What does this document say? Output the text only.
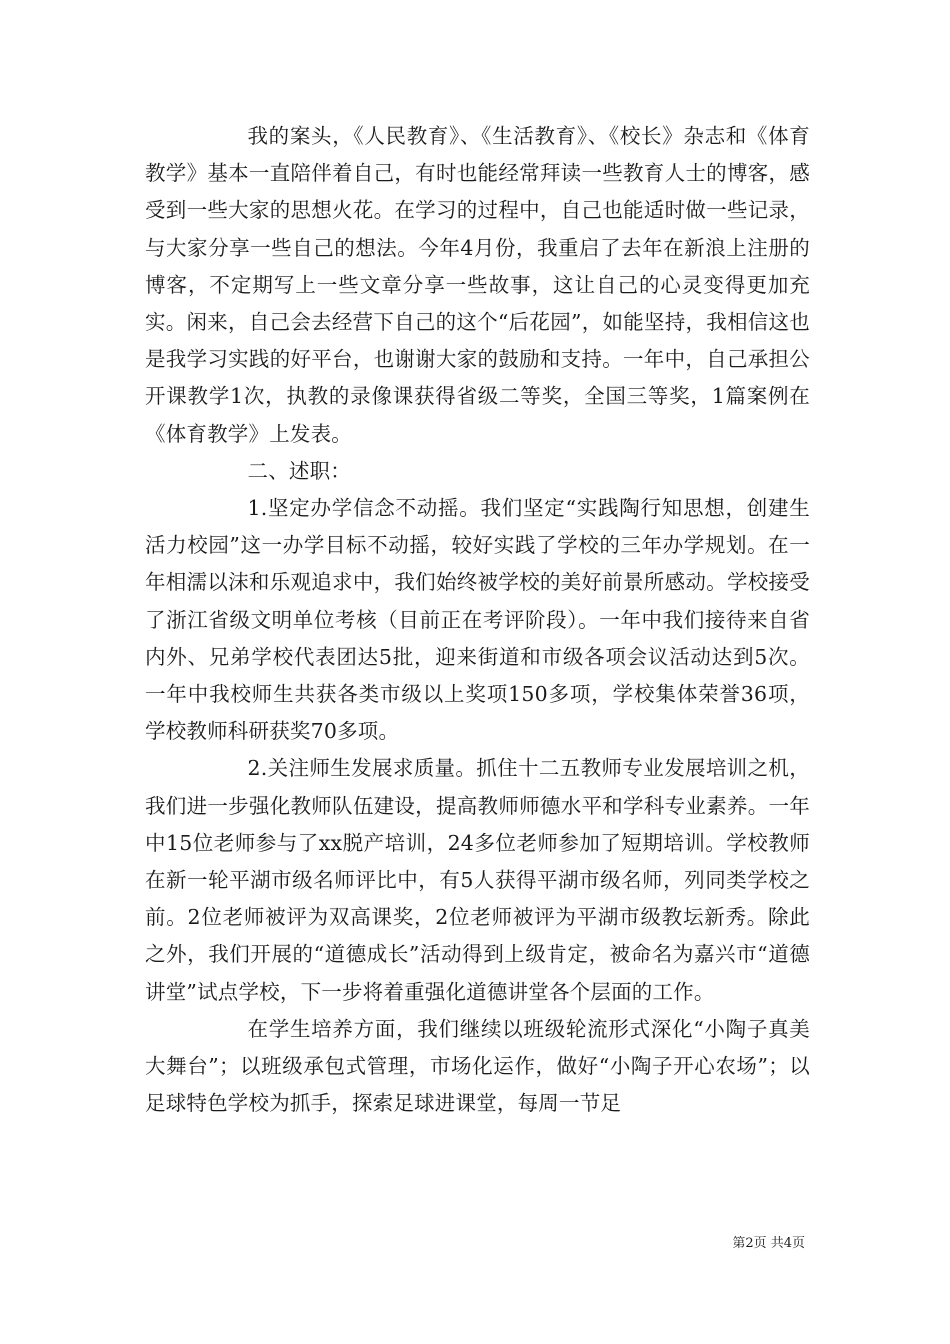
我的案头，《人民教育》、《生活教育》、《校长》杂志和《体育教学》基本一直陪伴着自己，有时也能经常拜读一些教育人士的博客，感受到一些大家的思想火花。在学习的过程中，自己也能适时做一些记录，与大家分享一些自己的想法。今年4月份，我重启了去年在新浪上注册的博客，不定期写上一些文章分享一些故事，这让自己的心灵变得更加充实。闲来，自己会去经营下自己的这个“后花园”，如能坚持，我相信这也是我学习实践的好平台，也谢谢大家的鼓励和支持。一年中，自己承担公开课教学1次，执教的录像课获得省级二等奖，全国三等奖，1篇案例在《体育教学》上发表。

二、述职：

1.坚定办学信念不动摇。我们坚定“实践陶行知思想，创建生活力校园”这一办学目标不动摇，较好实践了学校的三年办学规划。在一年相濡以沫和乐观追求中，我们始终被学校的美好前景所感动。学校接受了浙江省级文明单位考核（目前正在考评阶段）。一年中我们接待来自省内外、兄弟学校代表团达5批，迎来街道和市级各项会议活动达到5次。一年中我校师生共获各类市级以上奖项150多项，学校集体荣誉36项，学校教师科研获奖70多项。

2.关注师生发展求质量。抓住十二五教师专业发展培训之机，我们进一步强化教师队伍建设，提高教师师德水平和学科专业素养。一年中15位老师参与了xx脱产培训，24多位老师参加了短期培训。学校教师在新一轮平湖市级名师评比中，有5人获得平湖市级名师，列同类学校之前。2位老师被评为双高课奖，2位老师被评为平湖市级教坛新秀。除此之外，我们开展的“道德成长”活动得到上级肯定，被命名为嘉兴市“道德讲堂”试点学校，下一步将着重强化道德讲堂各个层面的工作。

在学生培养方面，我们继续以班级轮流形式深化“小陶子真美大舞台”；以班级承包式管理，市场化运作，做好“小陶子开心农场”；以足球特色学校为抓手，探索足球进课堂，每周一节足

第2页 共4页
